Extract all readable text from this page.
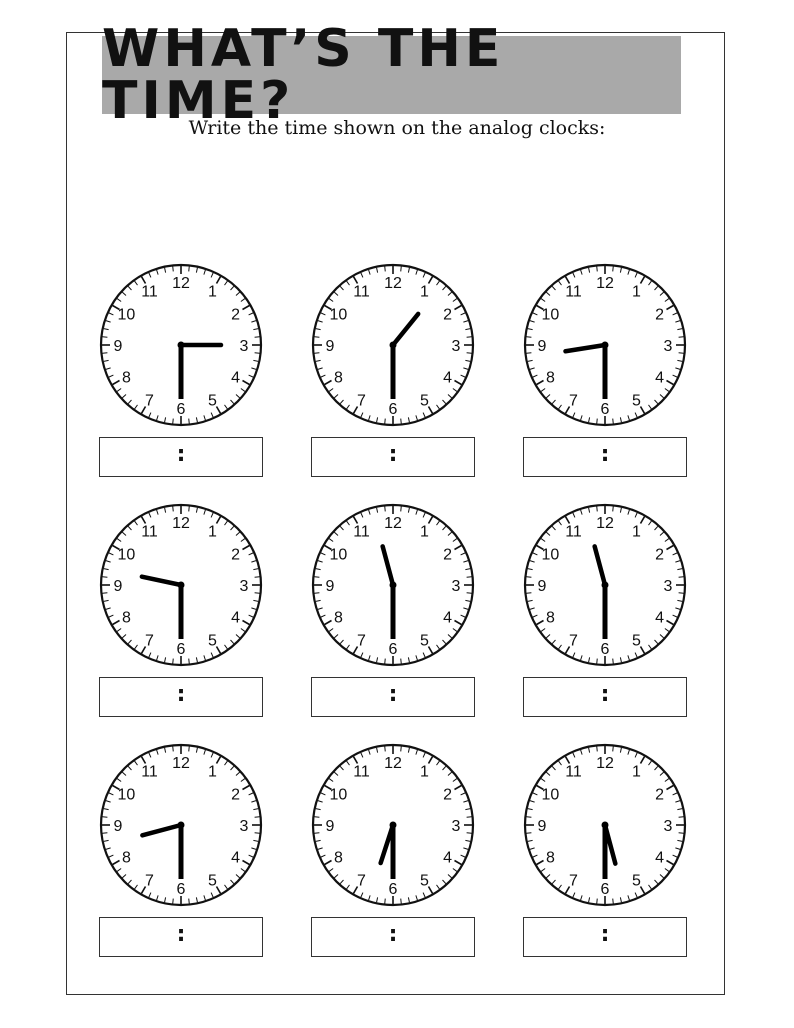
WHAT’S THE TIME?
Write the time shown on the analog clocks:
12 1
2
3
4
5
6
7
8
9
10
11
:
12 1
2
3
4
5
6
7
8
9
10
11
:
12 1
2
3
4
5
6
7
8
9
10
11
:
12 1
2
3
4
5
6
7
8
9
10
11
:
12 1
2
3
4
5
6
7
8
9
10
11
:
12 1
2
3
4
5
6
7
8
9
10
11
:
12 1
2
3
4
5
6
7
8
9
10
11
:
12 1
2
3
4
5
6
7
8
9
10
11
:
12 1
2
3
4
5
6
7
8
9
10
11
:
